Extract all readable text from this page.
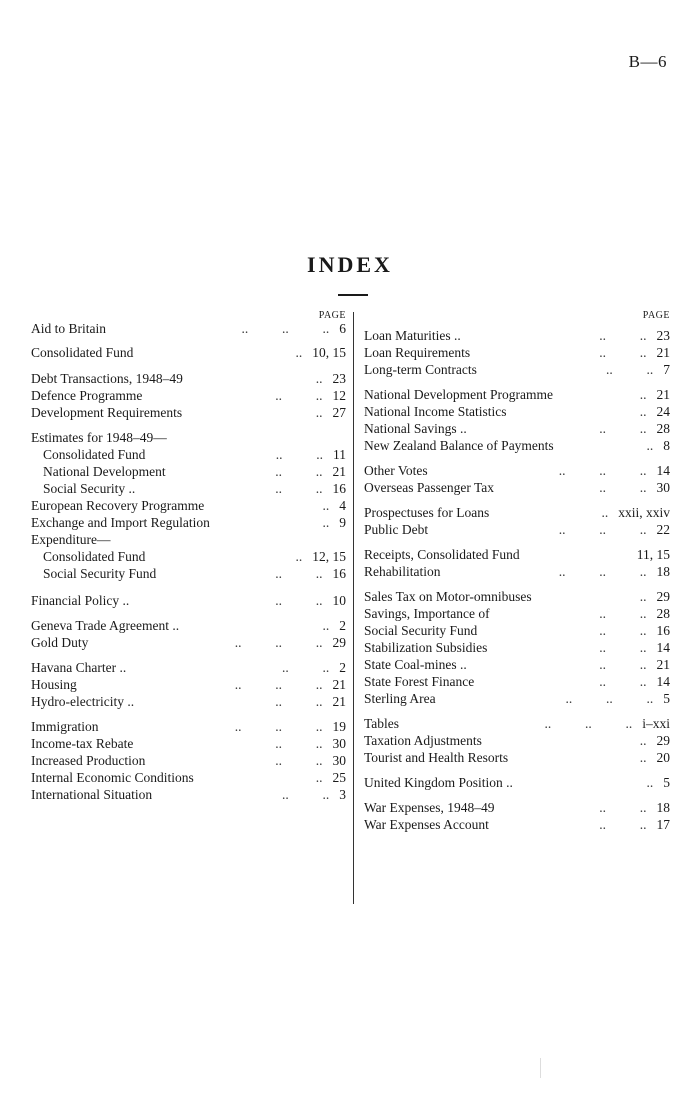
B—6
INDEX
PAGE	PAGE
Aid to Britain	..          ..          .. 6
Consolidated Fund	.. 10, 15
Debt Transactions, 1948–49	.. 23
Defence Programme	..          .. 12
Development Requirements	.. 27
Estimates for 1948–49—
Consolidated Fund	..          .. 11
National Development	..          .. 21
Social Security ..	..          .. 16
European Recovery Programme	.. 4
Exchange and Import Regulation	.. 9
Expenditure—
Consolidated Fund	.. 12, 15
Social Security Fund	..          .. 16
Financial Policy ..	..          .. 10
Geneva Trade Agreement ..	.. 2
Gold Duty	..          ..          .. 29
Havana Charter ..	..          .. 2
Housing	..          ..          .. 21
Hydro-electricity ..	..          .. 21
Immigration	..          ..          .. 19
Income-tax Rebate	..          .. 30
Increased Production	..          .. 30
Internal Economic Conditions	.. 25
International Situation	..          .. 3
Loan Maturities ..	..          .. 23
Loan Requirements	..          .. 21
Long-term Contracts	..          .. 7
National Development Programme	.. 21
National Income Statistics	.. 24
National Savings ..	..          .. 28
New Zealand Balance of Payments	.. 8
Other Votes	..          ..          .. 14
Overseas Passenger Tax	..          .. 30
Prospectuses for Loans	.. xxii, xxiv
Public Debt	..          ..          .. 22
Receipts, Consolidated Fund	11, 15
Rehabilitation	..          ..          .. 18
Sales Tax on Motor-omnibuses	.. 29
Savings, Importance of	..          .. 28
Social Security Fund	..          .. 16
Stabilization Subsidies	..          .. 14
State Coal-mines ..	..          .. 21
State Forest Finance	..          .. 14
Sterling Area	..          ..          .. 5
Tables	..          ..          .. i–xxi
Taxation Adjustments	.. 29
Tourist and Health Resorts	.. 20
United Kingdom Position ..	.. 5
War Expenses, 1948–49	..          .. 18
War Expenses Account	..          .. 17
